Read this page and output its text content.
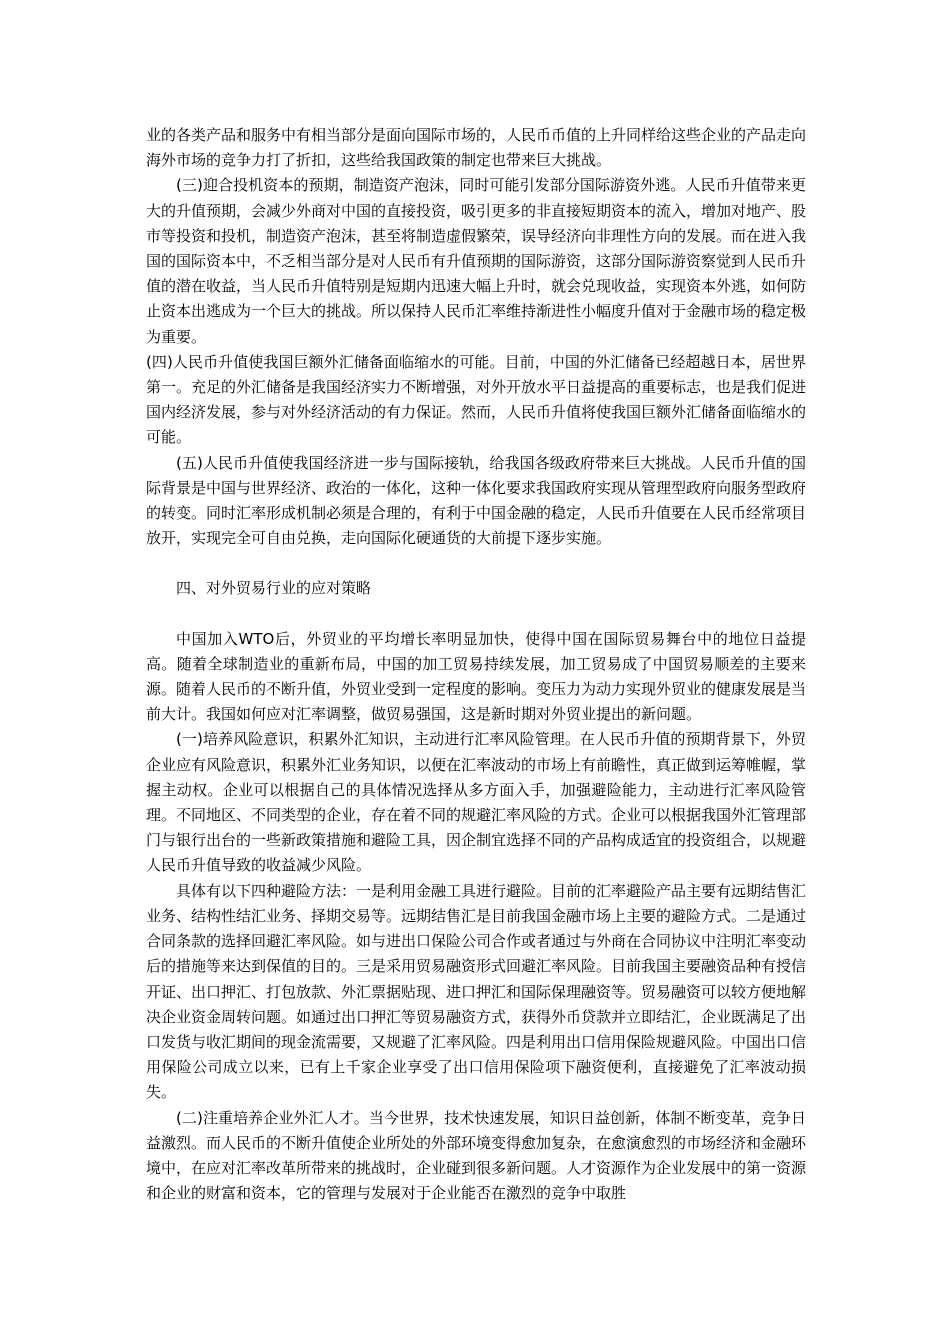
业的各类产品和服务中有相当部分是面向国际市场的，人民币币值的上升同样给这些企业的产品走向海外市场的竞争力打了折扣，这些给我国政策的制定也带来巨大挑战。

(三)迎合投机资本的预期，制造资产泡沫，同时可能引发部分国际游资外逃。人民币升值带来更大的升值预期，会减少外商对中国的直接投资，吸引更多的非直接短期资本的流入，增加对地产、股市等投资和投机，制造资产泡沫，甚至将制造虚假繁荣，误导经济向非理性方向的发展。而在进入我国的国际资本中，不乏相当部分是对人民币有升值预期的国际游资，这部分国际游资察觉到人民币升值的潜在收益，当人民币升值特别是短期内迅速大幅上升时，就会兑现收益，实现资本外逃，如何防止资本出逃成为一个巨大的挑战。所以保持人民币汇率维持渐进性小幅度升值对于金融市场的稳定极为重要。

(四)人民币升值使我国巨额外汇储备面临缩水的可能。目前，中国的外汇储备已经超越日本，居世界第一。充足的外汇储备是我国经济实力不断增强，对外开放水平日益提高的重要标志，也是我们促进国内经济发展，参与对外经济活动的有力保证。然而，人民币升值将使我国巨额外汇储备面临缩水的可能。

(五)人民币升值使我国经济进一步与国际接轨，给我国各级政府带来巨大挑战。人民币升值的国际背景是中国与世界经济、政治的一体化，这种一体化要求我国政府实现从管理型政府向服务型政府的转变。同时汇率形成机制必须是合理的，有利于中国金融的稳定，人民币升值要在人民币经常项目放开，实现完全可自由兑换，走向国际化硬通货的大前提下逐步实施。

四、对外贸易行业的应对策略

中国加入WTO后，外贸业的平均增长率明显加快，使得中国在国际贸易舞台中的地位日益提高。随着全球制造业的重新布局，中国的加工贸易持续发展，加工贸易成了中国贸易顺差的主要来源。随着人民币的不断升值，外贸业受到一定程度的影响。变压力为动力实现外贸业的健康发展是当前大计。我国如何应对汇率调整，做贸易强国，这是新时期对外贸业提出的新问题。

(一)培养风险意识，积累外汇知识，主动进行汇率风险管理。在人民币升值的预期背景下，外贸企业应有风险意识，积累外汇业务知识，以便在汇率波动的市场上有前瞻性，真正做到运筹帷幄，掌握主动权。企业可以根据自己的具体情况选择从多方面入手，加强避险能力，主动进行汇率风险管理。不同地区、不同类型的企业，存在着不同的规避汇率风险的方式。企业可以根据我国外汇管理部门与银行出台的一些新政策措施和避险工具，因企制宜选择不同的产品构成适宜的投资组合，以规避人民币升值导致的收益减少风险。

具体有以下四种避险方法：一是利用金融工具进行避险。目前的汇率避险产品主要有远期结售汇业务、结构性结汇业务、择期交易等。远期结售汇是目前我国金融市场上主要的避险方式。二是通过合同条款的选择回避汇率风险。如与进出口保险公司合作或者通过与外商在合同协议中注明汇率变动后的措施等来达到保值的目的。三是采用贸易融资形式回避汇率风险。目前我国主要融资品种有授信开证、出口押汇、打包放款、外汇票据贴现、进口押汇和国际保理融资等。贸易融资可以较方便地解决企业资金周转问题。如通过出口押汇等贸易融资方式，获得外币贷款并立即结汇，企业既满足了出口发货与收汇期间的现金流需要，又规避了汇率风险。四是利用出口信用保险规避风险。中国出口信用保险公司成立以来，已有上千家企业享受了出口信用保险项下融资便利，直接避免了汇率波动损失。

(二)注重培养企业外汇人才。当今世界，技术快速发展，知识日益创新，体制不断变革，竞争日益激烈。而人民币的不断升值使企业所处的外部环境变得愈加复杂，在愈演愈烈的市场经济和金融环境中，在应对汇率改革所带来的挑战时，企业碰到很多新问题。人才资源作为企业发展中的第一资源和企业的财富和资本，它的管理与发展对于企业能否在激烈的竞争中取胜
